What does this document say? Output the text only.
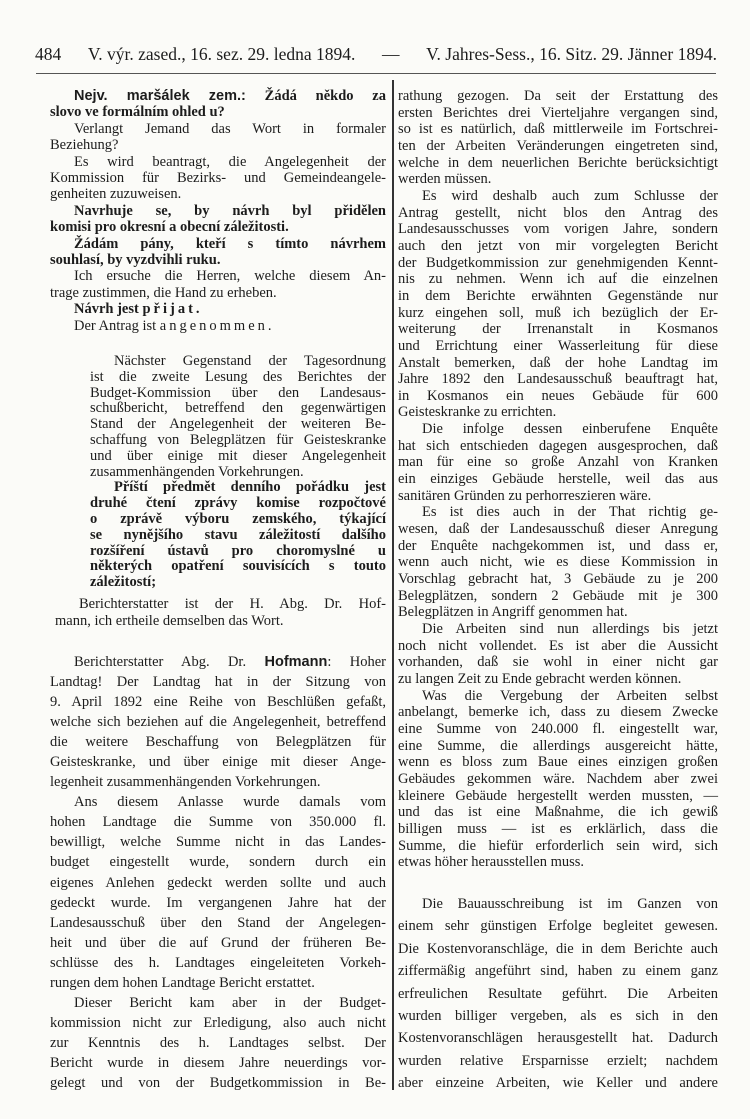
484 V. výr. zased., 16. sez. 29. ledna 1894. — V. Jahres-Sess., 16. Sitz. 29. Jänner 1894.
Nejv. maršálek zem.: Žádá někdo za
slovo ve formálním ohled u?
Verlangt Jemand das Wort in formaler
Beziehung?
Es wird beantragt, die Angelegenheit der
Kommission für Bezirks- und Gemeindeangele-
genheiten zuzuweisen.
Navrhuje se, by návrh byl přidělen
komisi pro okresní a obecní záležitosti.
Žádám pány, kteří s tímto návrhem
souhlasí, by vyzdvihli ruku.
Ich ersuche die Herren, welche diesem An-
trage zustimmen, die Hand zu erheben.
Návrh jest přijat.
Der Antrag ist angenommen.
Nächster Gegenstand der Tagesordnung
ist die zweite Lesung des Berichtes der
Budget-Kommission über den Landesaus-
schußbericht, betreffend den gegenwärtigen
Stand der Angelegenheit der weiteren Be-
schaffung von Belegplätzen für Geisteskranke
und über einige mit dieser Angelegenheit
zusammenhängenden Vorkehrungen.
Příští předmět denního pořádku jest
druhé čtení zprávy komise rozpočtové
o zprávě výboru zemského, týkající
se nynějšího stavu záležitostí dalšího
rozšíření ústavů pro choromyslné u
některých opatření souvisících s touto
záležitostí;
Berichterstatter ist der H. Abg. Dr. Hof-
mann, ich ertheile demselben das Wort.
Berichterstatter Abg. Dr. Hofmann: Hoher
Landtag! Der Landtag hat in der Sitzung von
9. April 1892 eine Reihe von Beschlüßen gefaßt,
welche sich beziehen auf die Angelegenheit, betreffend
die weitere Beschaffung von Belegplätzen für
Geisteskranke, und über einige mit dieser Ange-
legenheit zusammenhängenden Vorkehrungen.
Ans diesem Anlasse wurde damals vom
hohen Landtage die Summe von 350.000 fl.
bewilligt, welche Summe nicht in das Landes-
budget eingestellt wurde, sondern durch ein
eigenes Anlehen gedeckt werden sollte und auch
gedeckt wurde. Im vergangenen Jahre hat der
Landesausschuß über den Stand der Angelegen-
heit und über die auf Grund der früheren Be-
schlüsse des h. Landtages eingeleiteten Vorkeh-
rungen dem hohen Landtage Bericht erstattet.
Dieser Bericht kam aber in der Budget-
kommission nicht zur Erledigung, also auch nicht
zur Kenntnis des h. Landtages selbst. Der
Bericht wurde in diesem Jahre neuerdings vor-
gelegt und von der Budgetkommission in Be-
rathung gezogen. Da seit der Erstattung des
ersten Berichtes drei Vierteljahre vergangen sind,
so ist es natürlich, daß mittlerweile im Fortschrei-
ten der Arbeiten Veränderungen eingetreten sind,
welche in dem neuerlichen Berichte berücksichtigt
werden müssen.
Es wird deshalb auch zum Schlusse der
Antrag gestellt, nicht blos den Antrag des
Landesausschusses vom vorigen Jahre, sondern
auch den jetzt von mir vorgelegten Bericht
der Budgetkommission zur genehmigenden Kennt-
nis zu nehmen. Wenn ich auf die einzelnen
in dem Berichte erwähnten Gegenstände nur
kurz eingehen soll, muß ich bezüglich der Er-
weiterung der Irrenanstalt in Kosmanos
und Errichtung einer Wasserleitung für diese
Anstalt bemerken, daß der hohe Landtag im
Jahre 1892 den Landesausschuß beauftragt hat,
in Kosmanos ein neues Gebäude für 600
Geisteskranke zu errichten.
Die infolge dessen einberufene Enquête
hat sich entschieden dagegen ausgesprochen, daß
man für eine so große Anzahl von Kranken
ein einziges Gebäude herstelle, weil das aus
sanitären Gründen zu perhorreszieren wäre.
Es ist dies auch in der That richtig ge-
wesen, daß der Landesausschuß dieser Anregung
der Enquête nachgekommen ist, und dass er,
wenn auch nicht, wie es diese Kommission in
Vorschlag gebracht hat, 3 Gebäude zu je 200
Belegplätzen, sondern 2 Gebäude mit je 300
Belegplätzen in Angriff genommen hat.
Die Arbeiten sind nun allerdings bis jetzt
noch nicht vollendet. Es ist aber die Aussicht
vorhanden, daß sie wohl in einer nicht gar
zu langen Zeit zu Ende gebracht werden können.
Was die Vergebung der Arbeiten selbst
anbelangt, bemerke ich, dass zu diesem Zwecke
eine Summe von 240.000 fl. eingestellt war,
eine Summe, die allerdings ausgereicht hätte,
wenn es bloss zum Baue eines einzigen großen
Gebäudes gekommen wäre. Nachdem aber zwei
kleinere Gebäude hergestellt werden mussten, —
und das ist eine Maßnahme, die ich gewiß
billigen muss — ist es erklärlich, dass die
Summe, die hiefür erforderlich sein wird, sich
etwas höher herausstellen muss.
Die Bauausschreibung ist im Ganzen von
einem sehr günstigen Erfolge begleitet gewesen.
Die Kostenvoranschläge, die in dem Berichte auch
ziffermäßig angeführt sind, haben zu einem ganz
erfreulichen Resultate geführt. Die Arbeiten
wurden billiger vergeben, als es sich in den
Kostenvoranschlägen herausgestellt hat. Dadurch
wurden relative Ersparnisse erzielt; nachdem
aber einzeine Arbeiten, wie Keller und andere
